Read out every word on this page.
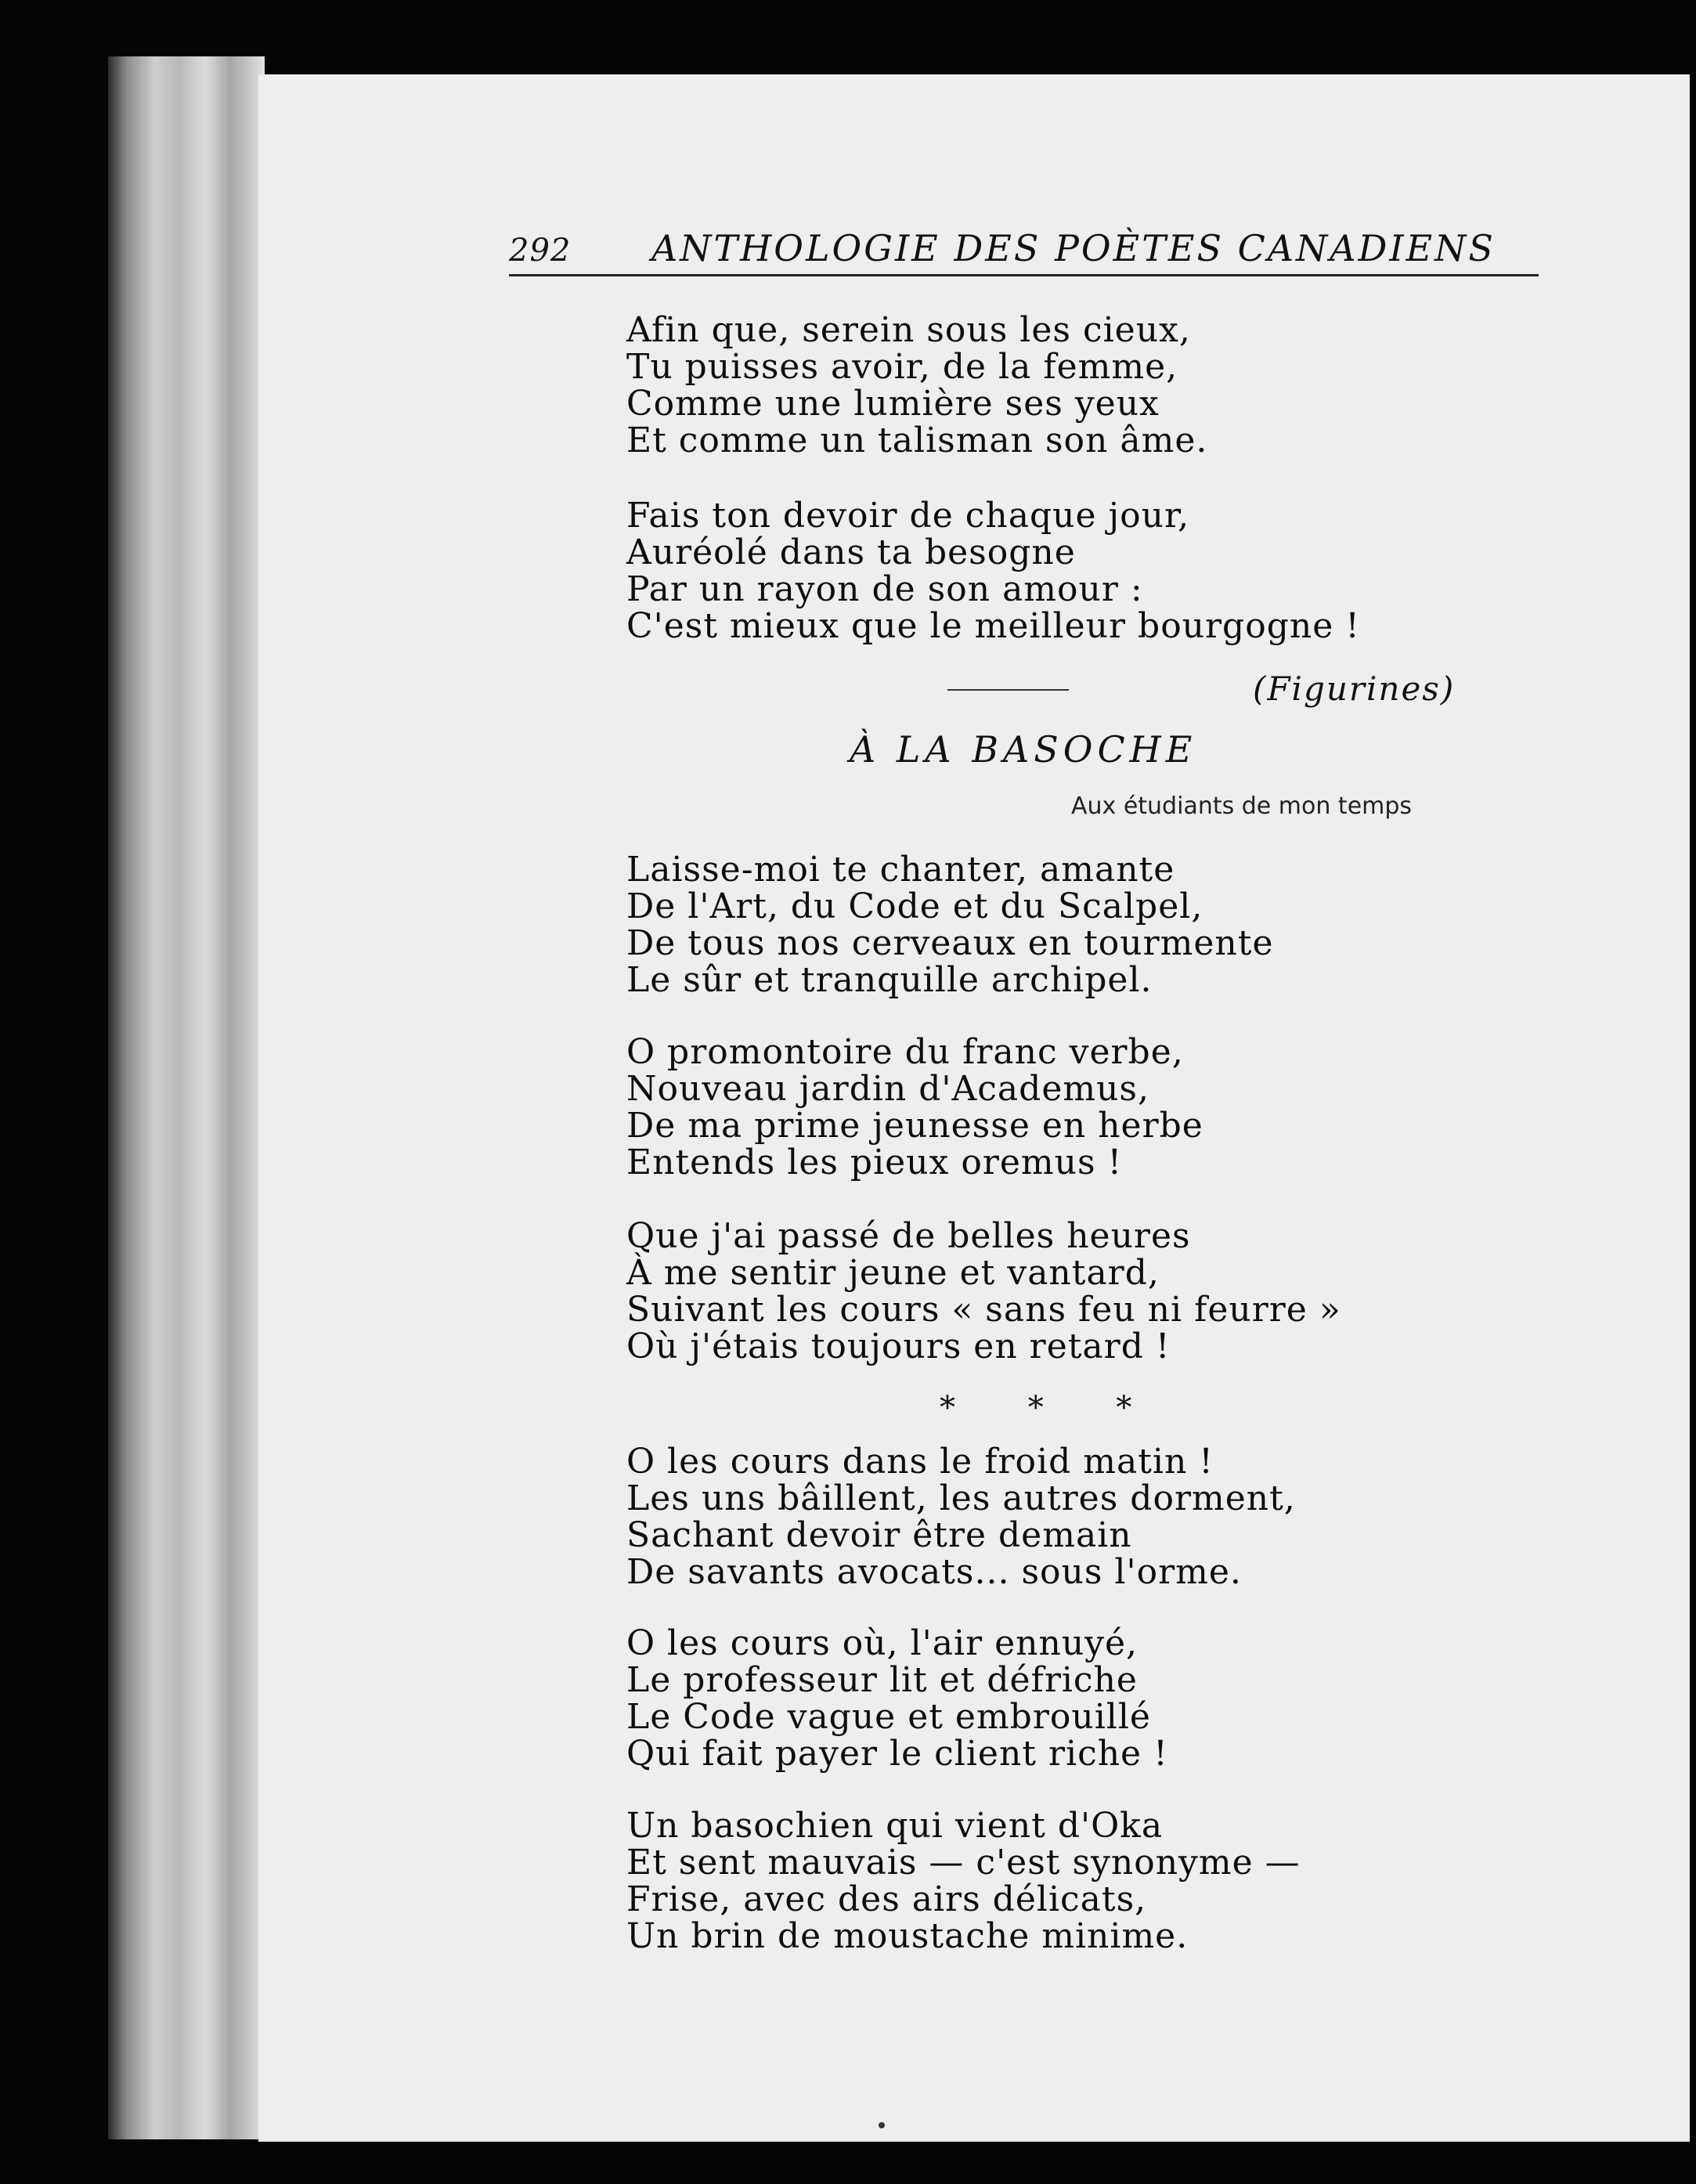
292	ANTHOLOGIE DES POÈTES CANADIENS
Afin que, serein sous les cieux,
Tu puisses avoir, de la femme,
Comme une lumière ses yeux
Et comme un talisman son âme.
Fais ton devoir de chaque jour,
Auréolé dans ta besogne
Par un rayon de son amour :
C'est mieux que le meilleur bourgogne !
(Figurines)
À LA BASOCHE
Aux étudiants de mon temps
Laisse-moi te chanter, amante
De l'Art, du Code et du Scalpel,
De tous nos cerveaux en tourmente
Le sûr et tranquille archipel.
O promontoire du franc verbe,
Nouveau jardin d'Academus,
De ma prime jeunesse en herbe
Entends les pieux oremus !
Que j'ai passé de belles heures
À me sentir jeune et vantard,
Suivant les cours « sans feu ni feurre »
Où j'étais toujours en retard !
* * *
O les cours dans le froid matin !
Les uns bâillent, les autres dorment,
Sachant devoir être demain
De savants avocats... sous l'orme.
O les cours où, l'air ennuyé,
Le professeur lit et défriche
Le Code vague et embrouillé
Qui fait payer le client riche !
Un basochien qui vient d'Oka
Et sent mauvais — c'est synonyme —
Frise, avec des airs délicats,
Un brin de moustache minime.
